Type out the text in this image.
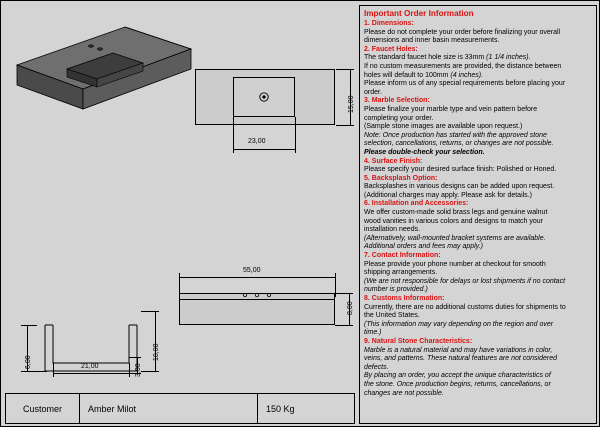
15,00
23,00
55,00
8,00
21,00
6,00
18,00
3,00
Customer	Amber Milot	150 Kg
Important Order Information
1. Dimensions:
Please do not complete your order before finalizing your overall
dimensions and inner basin measurements.
2. Faucet Holes:
The standard faucet hole size is 33mm (1 1/4 inches).
If no custom measurements are provided, the distance between
holes will default to 100mm (4 inches).
Please inform us of any special requirements before placing your
order.
3. Marble Selection:
Please finalize your marble type and vein pattern before
completing your order.
(Sample stone images are available upon request.)
Note: Once production has started with the approved stone
selection, cancellations, returns, or changes are not possible.
Please double-check your selection.
4. Surface Finish:
Please specify your desired surface finish: Polished or Honed.
5. Backsplash Option:
Backsplashes in various designs can be added upon request.
(Additional charges may apply. Please ask for details.)
6. Installation and Accessories:
We offer custom-made solid brass legs and genuine walnut
wood vanities in various colors and designs to match your
installation needs.
(Alternatively, wall-mounted bracket systems are available.
Additional orders and fees may apply.)
7. Contact Information:
Please provide your phone number at checkout for smooth
shipping arrangements.
(We are not responsible for delays or lost shipments if no contact
number is provided.)
8. Customs Information:
Currently, there are no additional customs duties for shipments to
the United States.
(This information may vary depending on the region and over
time.)
9. Natural Stone Characteristics:
Marble is a natural material and may have variations in color,
veins, and patterns. These natural features are not considered
defects.
By placing an order, you accept the unique characteristics of
the stone. Once production begins, returns, cancellations, or
changes are not possible.
